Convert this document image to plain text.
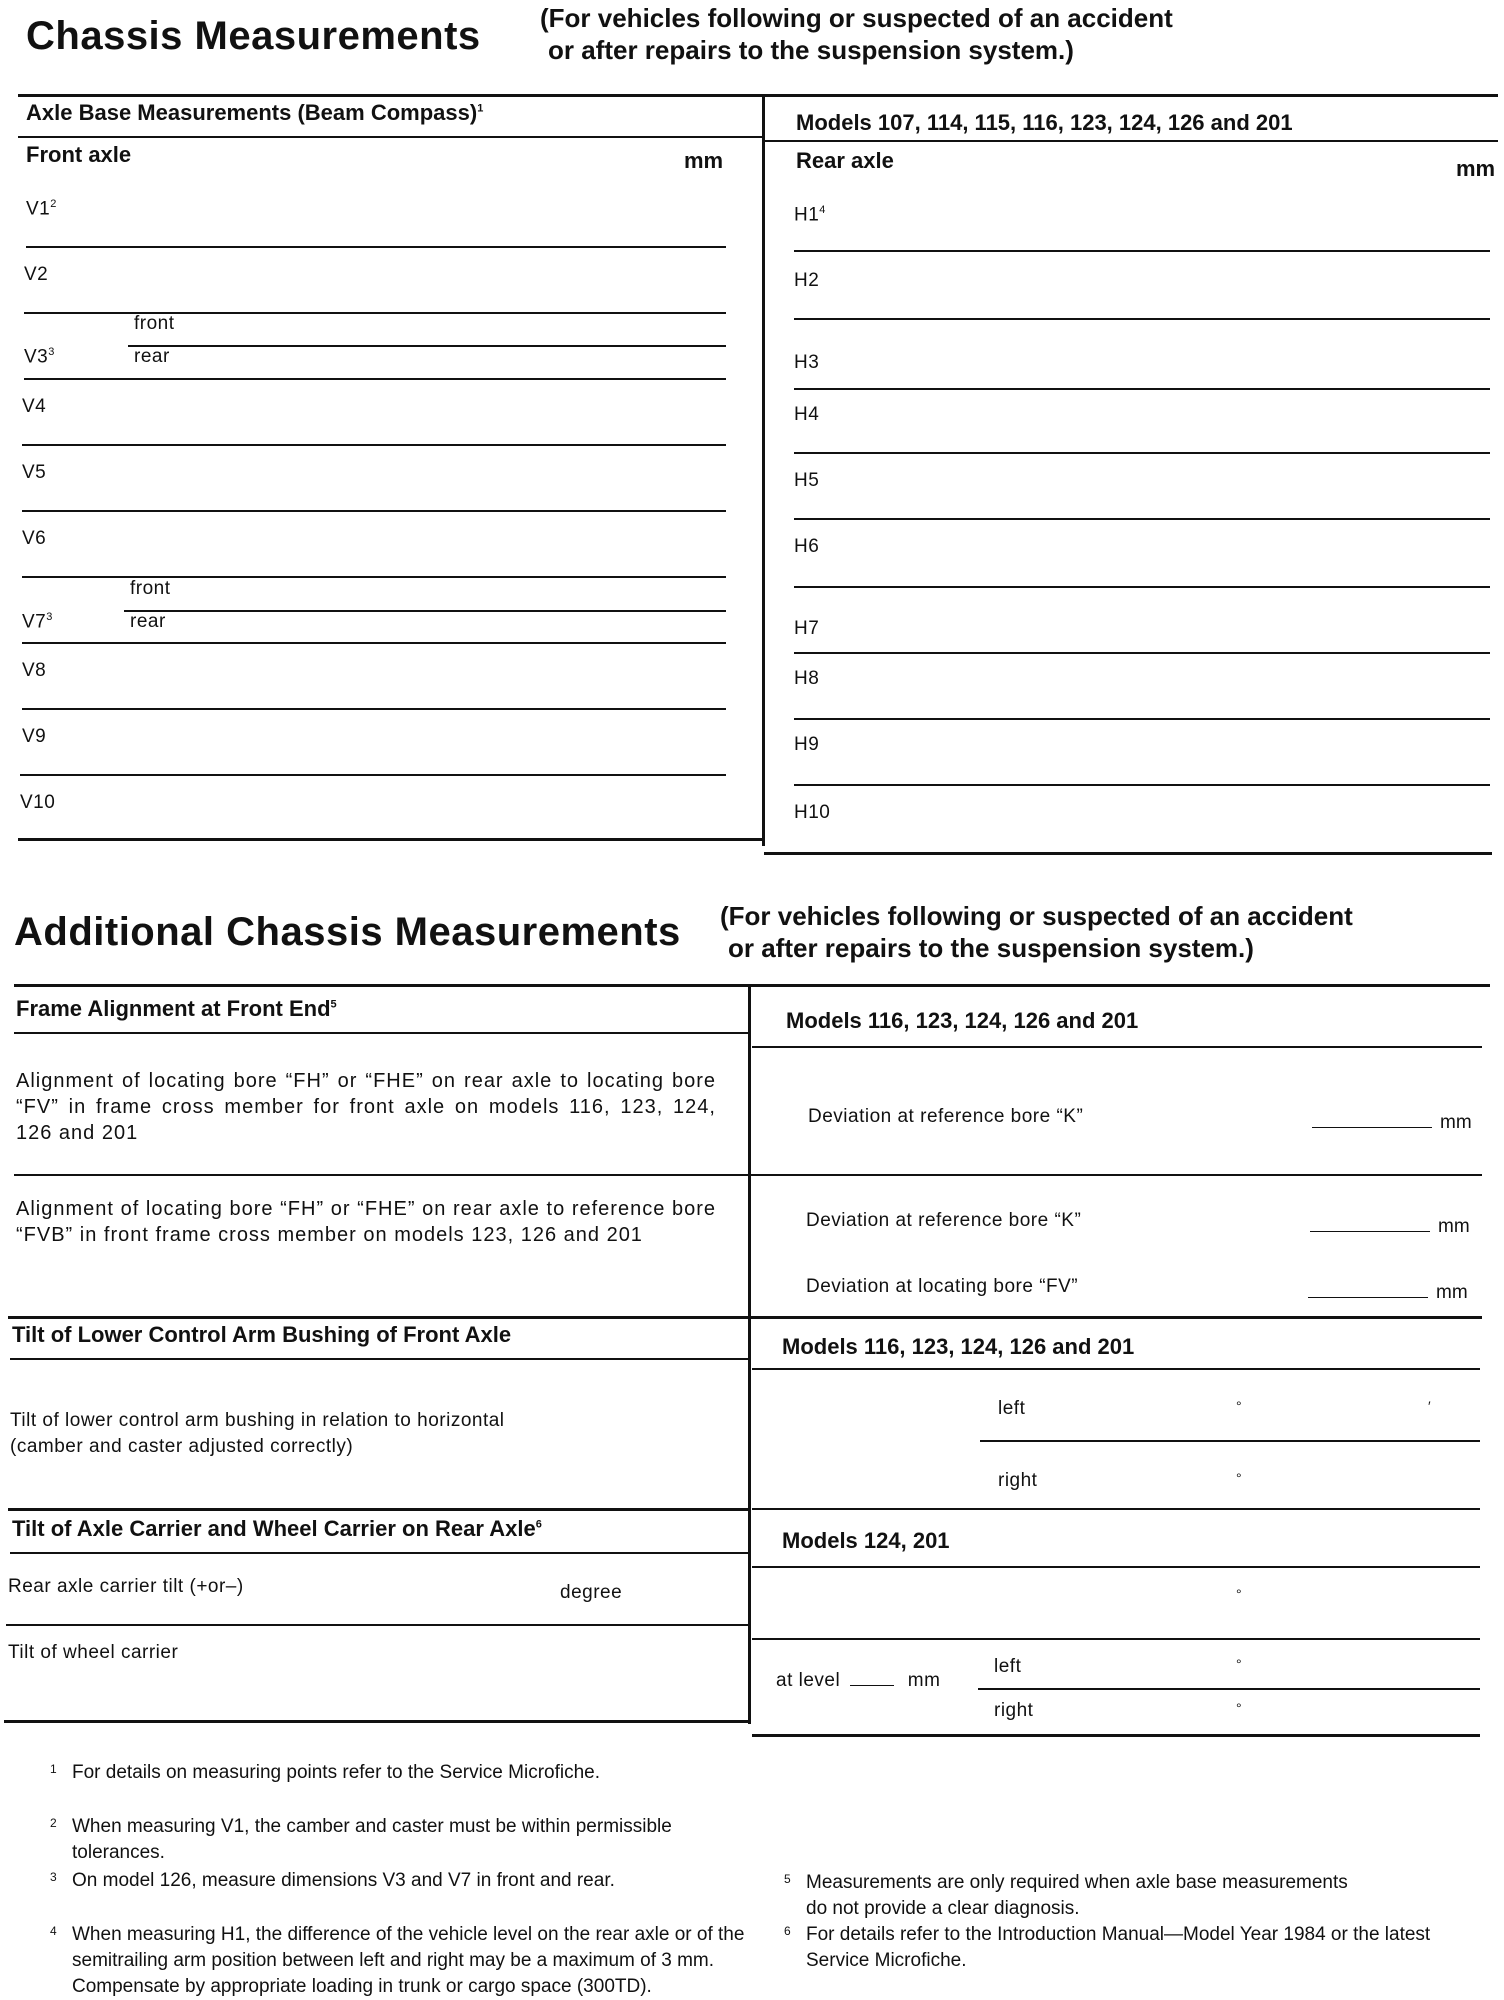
Chassis Measurements (For vehicles following or suspected of an accident
or after repairs to the suspension system.)
Axle Base Measurements (Beam Compass)$^1$
Models 107, 114, 115, 116, 123, 124, 126 and 201
Front axle	mm	Rear axle	mm
$V1^2$
V2
front
$V3^3$	rear
V4
V5
V6
front
$V7^3$	rear
V8
V9
V10
$H1^4$
H2
H3
H4
H5
H6
H7
H8
H9
H10
Additional Chassis Measurements (For vehicles following or suspected of an accident
or after repairs to the suspension system.)
Frame Alignment at Front End$^5$
Models 116, 123, 124, 126 and 201
Alignment of locating bore “FH” or “FHE” on rear axle to locating bore “FV” in frame cross member for front axle on models 116, 123, 124, 126 and 201
Deviation at reference bore “K”	mm
Alignment of locating bore “FH” or “FHE” on rear axle to reference bore “FVB” in front frame cross member on models 123, 126 and 201
Deviation at reference bore “K”	mm
Deviation at locating bore “FV”	mm
Tilt of Lower Control Arm Bushing of Front Axle	Models 116, 123, 124, 126 and 201
Tilt of lower control arm bushing in relation to horizontal
(camber and caster adjusted correctly)
left	°	′
right	°
Tilt of Axle Carrier and Wheel Carrier on Rear Axle$^6$
Models 124, 201
Rear axle carrier tilt (+or–)	degree	°
Tilt of wheel carrier
at level	mm
left	°
right	°
1 For details on measuring points refer to the Service Microfiche.
2 When measuring V1, the camber and caster must be within permissible tolerances.
3 On model 126, measure dimensions V3 and V7 in front and rear.
4 When measuring H1, the difference of the vehicle level on the rear axle or of the semitrailing arm position between left and right may be a maximum of 3 mm. Compensate by appropriate loading in trunk or cargo space (300TD).
5 Measurements are only required when axle base measurements do not provide a clear diagnosis.
6 For details refer to the Introduction Manual—Model Year 1984 or the latest Service Microfiche.
